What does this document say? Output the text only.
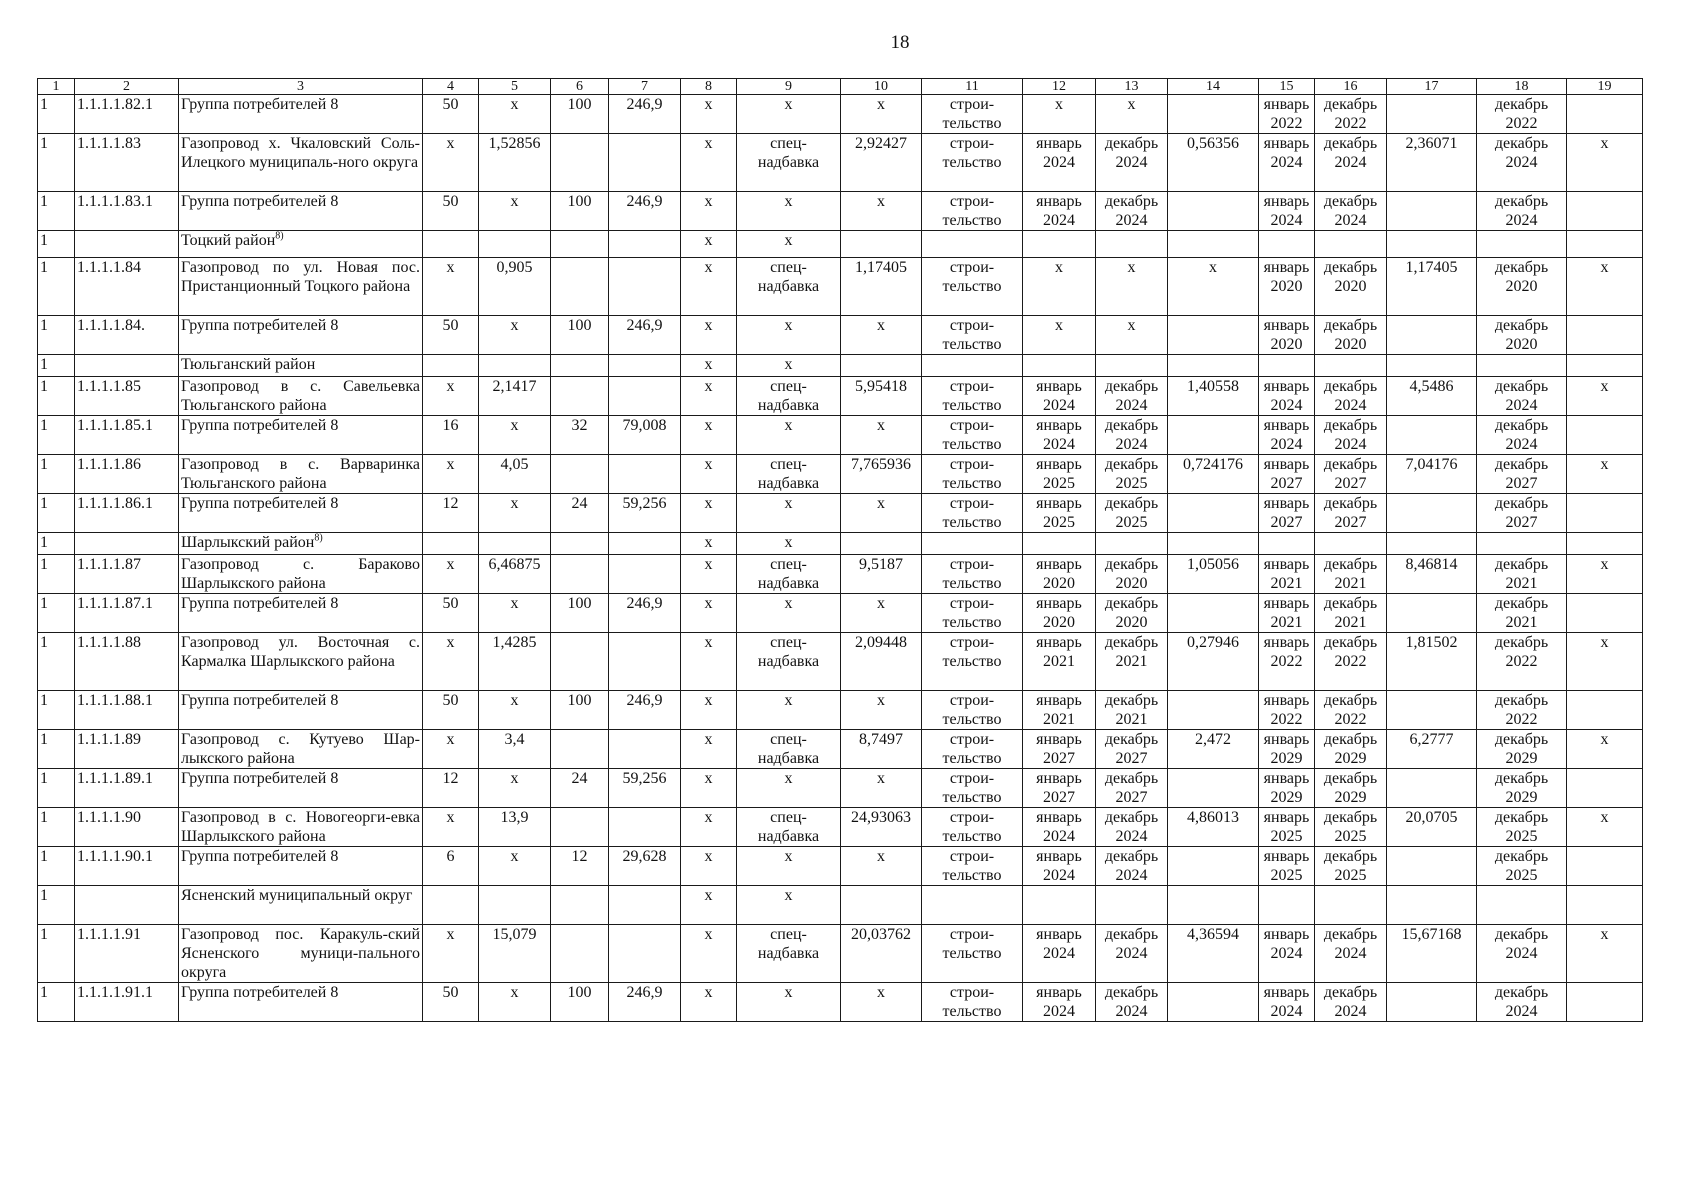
18
1	2	3	4	5	6	7	8	9	10	11	12	13	14	15	16	17	18	19
1	1.1.1.1.82.1	Группа потребителей 8	50	х	100	246,9	х	х	х	строи-
тельство	х	х		январь
2022	декабрь
2022		декабрь
2022	
1	1.1.1.1.83	Газопровод х. Чкаловский Соль-Илецкого муниципаль-ного округа	х	1,52856			х	спец-
надбавка	2,92427	строи-
тельство	январь
2024	декабрь
2024	0,56356	январь
2024	декабрь
2024	2,36071	декабрь
2024	х
1	1.1.1.1.83.1	Группа потребителей 8	50	х	100	246,9	х	х	х	строи-
тельство	январь
2024	декабрь
2024		январь
2024	декабрь
2024		декабрь
2024	
1		Тоцкий район$^{8)}$					х	х										
1	1.1.1.1.84	Газопровод по ул. Новая пос. Пристанционный Тоцкого района	х	0,905			х	спец-
надбавка	1,17405	строи-
тельство	х	х	х	январь
2020	декабрь
2020	1,17405	декабрь
2020	х
1	1.1.1.1.84.	Группа потребителей 8	50	х	100	246,9	х	х	х	строи-
тельство	х	х		январь
2020	декабрь
2020		декабрь
2020	
1		Тюльганский район					х	х										
1	1.1.1.1.85	Газопровод в с. Савельевка Тюльганского района	х	2,1417			х	спец-
надбавка	5,95418	строи-
тельство	январь
2024	декабрь
2024	1,40558	январь
2024	декабрь
2024	4,5486	декабрь
2024	х
1	1.1.1.1.85.1	Группа потребителей 8	16	х	32	79,008	х	х	х	строи-
тельство	январь
2024	декабрь
2024		январь
2024	декабрь
2024		декабрь
2024	
1	1.1.1.1.86	Газопровод в с. Варваринка Тюльганского района	х	4,05			х	спец-
надбавка	7,765936	строи-
тельство	январь
2025	декабрь
2025	0,724176	январь
2027	декабрь
2027	7,04176	декабрь
2027	х
1	1.1.1.1.86.1	Группа потребителей 8	12	х	24	59,256	х	х	х	строи-
тельство	январь
2025	декабрь
2025		январь
2027	декабрь
2027		декабрь
2027	
1		Шарлыкский район$^{8)}$					х	х										
1	1.1.1.1.87	Газопровод с. Бараково Шарлыкского района	х	6,46875			х	спец-
надбавка	9,5187	строи-
тельство	январь
2020	декабрь
2020	1,05056	январь
2021	декабрь
2021	8,46814	декабрь
2021	х
1	1.1.1.1.87.1	Группа потребителей 8	50	х	100	246,9	х	х	х	строи-
тельство	январь
2020	декабрь
2020		январь
2021	декабрь
2021		декабрь
2021	
1	1.1.1.1.88	Газопровод ул. Восточная с. Кармалка Шарлыкского района	х	1,4285			х	спец-
надбавка	2,09448	строи-
тельство	январь
2021	декабрь
2021	0,27946	январь
2022	декабрь
2022	1,81502	декабрь
2022	х
1	1.1.1.1.88.1	Группа потребителей 8	50	х	100	246,9	х	х	х	строи-
тельство	январь
2021	декабрь
2021		январь
2022	декабрь
2022		декабрь
2022	
1	1.1.1.1.89	Газопровод с. Кутуево Шар-лыкского района	х	3,4			х	спец-
надбавка	8,7497	строи-
тельство	январь
2027	декабрь
2027	2,472	январь
2029	декабрь
2029	6,2777	декабрь
2029	х
1	1.1.1.1.89.1	Группа потребителей 8	12	х	24	59,256	х	х	х	строи-
тельство	январь
2027	декабрь
2027		январь
2029	декабрь
2029		декабрь
2029	
1	1.1.1.1.90	Газопровод в с. Новогеорги-евка Шарлыкского района	х	13,9			х	спец-
надбавка	24,93063	строи-
тельство	январь
2024	декабрь
2024	4,86013	январь
2025	декабрь
2025	20,0705	декабрь
2025	х
1	1.1.1.1.90.1	Группа потребителей 8	6	х	12	29,628	х	х	х	строи-
тельство	январь
2024	декабрь
2024		январь
2025	декабрь
2025		декабрь
2025	
1		Ясненский муниципальный округ					х	х										
1	1.1.1.1.91	Газопровод пос. Каракуль-ский Ясненского муници-пального округа	х	15,079			х	спец-
надбавка	20,03762	строи-
тельство	январь
2024	декабрь
2024	4,36594	январь
2024	декабрь
2024	15,67168	декабрь
2024	х
1	1.1.1.1.91.1	Группа потребителей 8	50	х	100	246,9	х	х	х	строи-
тельство	январь
2024	декабрь
2024		январь
2024	декабрь
2024		декабрь
2024	
